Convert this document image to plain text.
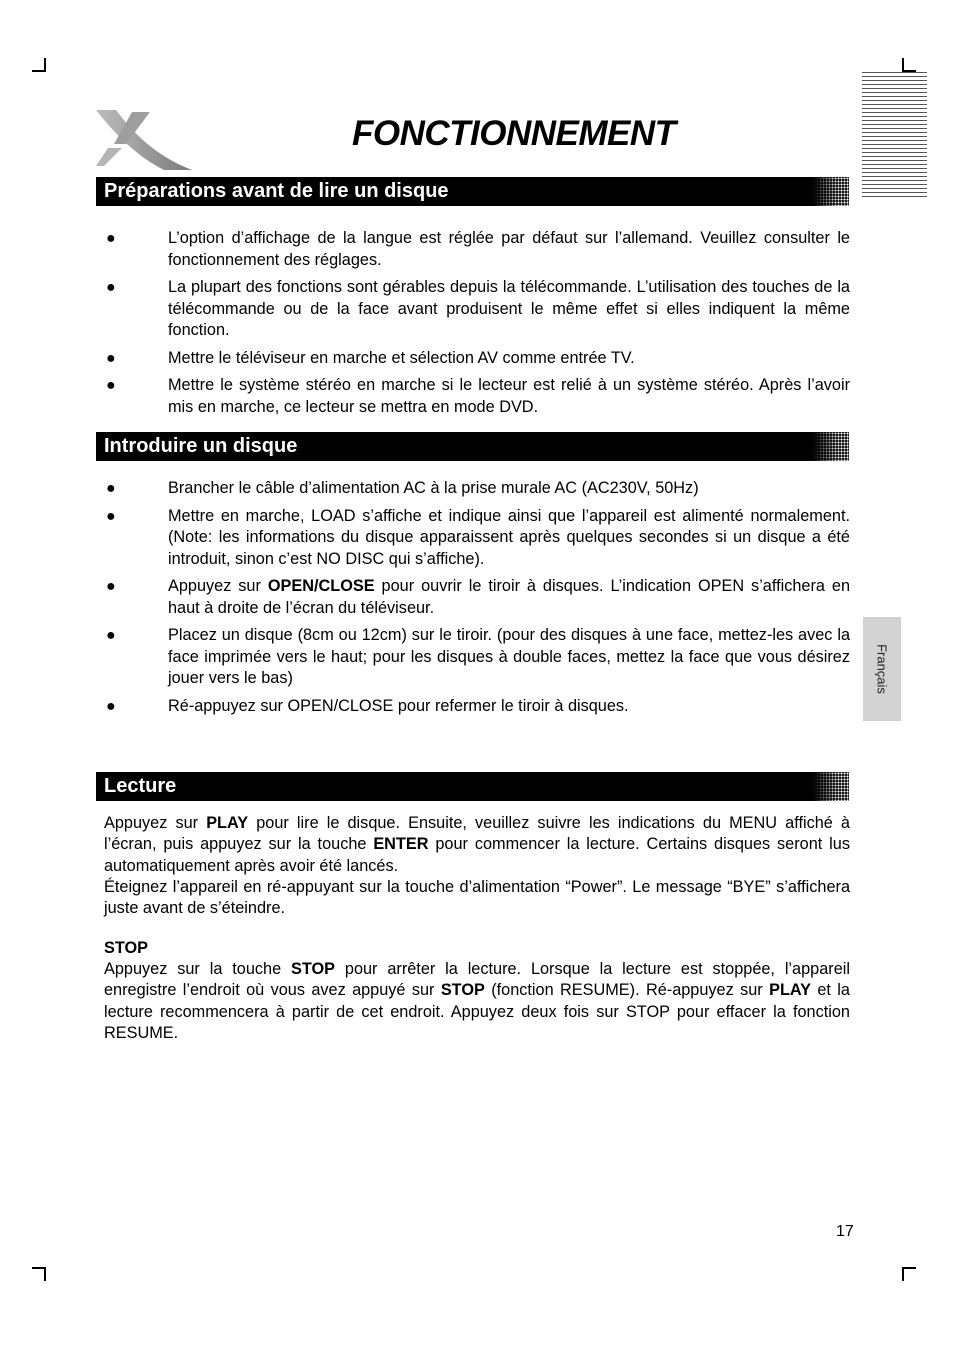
FONCTIONNEMENT
Préparations avant de lire un disque
●	L’option d’affichage de la langue est réglée par défaut sur l’allemand. Veuillez consulter le fonctionnement des réglages.
●	La plupart des fonctions sont gérables depuis la télécommande. L’utilisation des touches de la télécommande ou de la face avant produisent le même effet si elles indiquent la même fonction.
●	Mettre le téléviseur en marche et sélection AV comme entrée TV.
●	Mettre le système stéréo en marche si le lecteur est relié à un système stéréo. Après l’avoir mis en marche, ce lecteur se mettra en mode DVD.
Introduire un disque
●	Brancher le câble d’alimentation AC à la prise murale AC (AC230V, 50Hz)
●	Mettre en marche, LOAD s’affiche et indique ainsi que l’appareil est alimenté normalement. (Note: les informations du disque apparaissent après quelques secondes si un disque a été introduit, sinon c’est NO DISC qui s’affiche).
●	Appuyez sur OPEN/CLOSE pour ouvrir le tiroir à disques. L’indication OPEN s’affichera en haut à droite de l’écran du téléviseur.
●	Placez un disque (8cm ou 12cm) sur le tiroir. (pour des disques à une face, mettez-les avec la face imprimée vers le haut; pour les disques à double faces, mettez la face que vous désirez jouer vers le bas)
●	Ré-appuyez sur OPEN/CLOSE pour refermer le tiroir à disques.
Lecture

Appuyez sur PLAY pour lire le disque. Ensuite, veuillez suivre les indications du MENU affiché à l’écran, puis appuyez sur la touche ENTER pour commencer la lecture. Certains disques seront lus automatiquement après avoir été lancés.
Éteignez l’appareil en ré-appuyant sur la touche d’alimentation “Power”. Le message “BYE” s’affichera juste avant de s’éteindre.

STOP

Appuyez sur la touche STOP pour arrêter la lecture. Lorsque la lecture est stoppée, l’appareil enregistre l’endroit où vous avez appuyé sur STOP (fonction RESUME). Ré-appuyez sur PLAY et la lecture recommencera à partir de cet endroit. Appuyez deux fois sur STOP pour effacer la fonction RESUME.

Français
17
